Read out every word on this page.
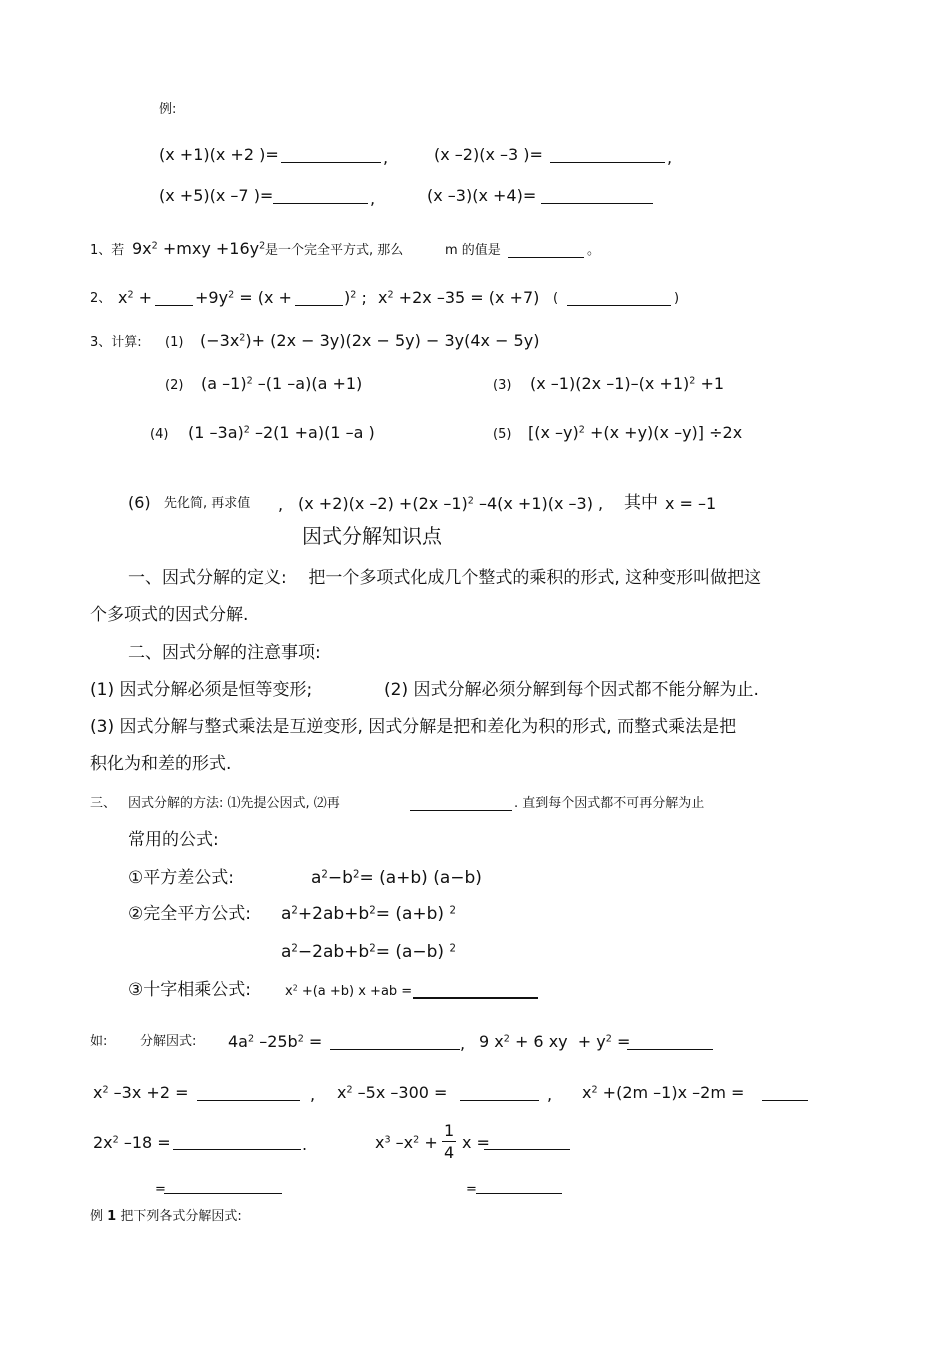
例:
(x +1)(x +2 )=	,	(x –2)(x –3 )=	,
(x +5)(x –7 )=	,	(x –3)(x +4)=
1、若 $9x^2 +mxy +16y^2$ 是一个完全平方式, 那么	m 的值是	。
2、 $x^2$ +	$+9y^2 = (x$ +	)$^2$ ; $x^2 +2x$ –35 = (x +7) (	)
3、计算: (1) $(-3x^2)+ (2x - 3y)(2x - 5y) - 3y(4x - 5y)$
(2) (a –1)$^2$ –(1 –a)(a +1)	(3) (x –1)(2x $-1)-(x +1)^2 +1$
(4) (1 –3a)$^2$ –2(1 +a)(1 –a )	(5) [(x –y)$^2$ +(x +y)(x –y)] ÷2x
(6) 先化简, 再求值 , (x +2)(x –2) +(2x –1)$^2$ –4(x +1)(x –3) , 其中 x = –1
因式分解知识点
一、因式分解的定义:    把一个多项式化成几个整式的乘积的形式, 这种变形叫做把这
个多项式的因式分解.
二、因式分解的注意事项:
(1) 因式分解必须是恒等变形;	(2) 因式分解必须分解到每个因式都不能分解为止.
(3) 因式分解与整式乘法是互逆变形, 因式分解是把和差化为积的形式, 而整式乘法是把
积化为和差的形式.
三、 因式分解的方法: ⑴先提公因式, ⑵再	. 直到每个因式都不可再分解为止
常用的公式:
①平方差公式:	$a^2-b^2= (a+b)$ (a−b)
②完全平方公式: $a^2+2ab+b^2= (a+b)$ $^2$
$a^2-2ab+b^2= (a-b)$ $^2$
③十字相乘公式:	$x^2 +(a +b)$ x +ab =
如:	分解因式: $4a^2$ $-25b^2$ =	, 9 $x^2 + 6$ xy  + $y^2$ =
$x^2$ –3x +2 =	, $x^2$ –5x –300 =	, $x^2 +(2m$ –1)x –2m =
$2x^2$ –18 =	.	$x^3$ $-x^2 + \frac{1}{4}$ x =
=	=
例 1 把下列各式分解因式:
